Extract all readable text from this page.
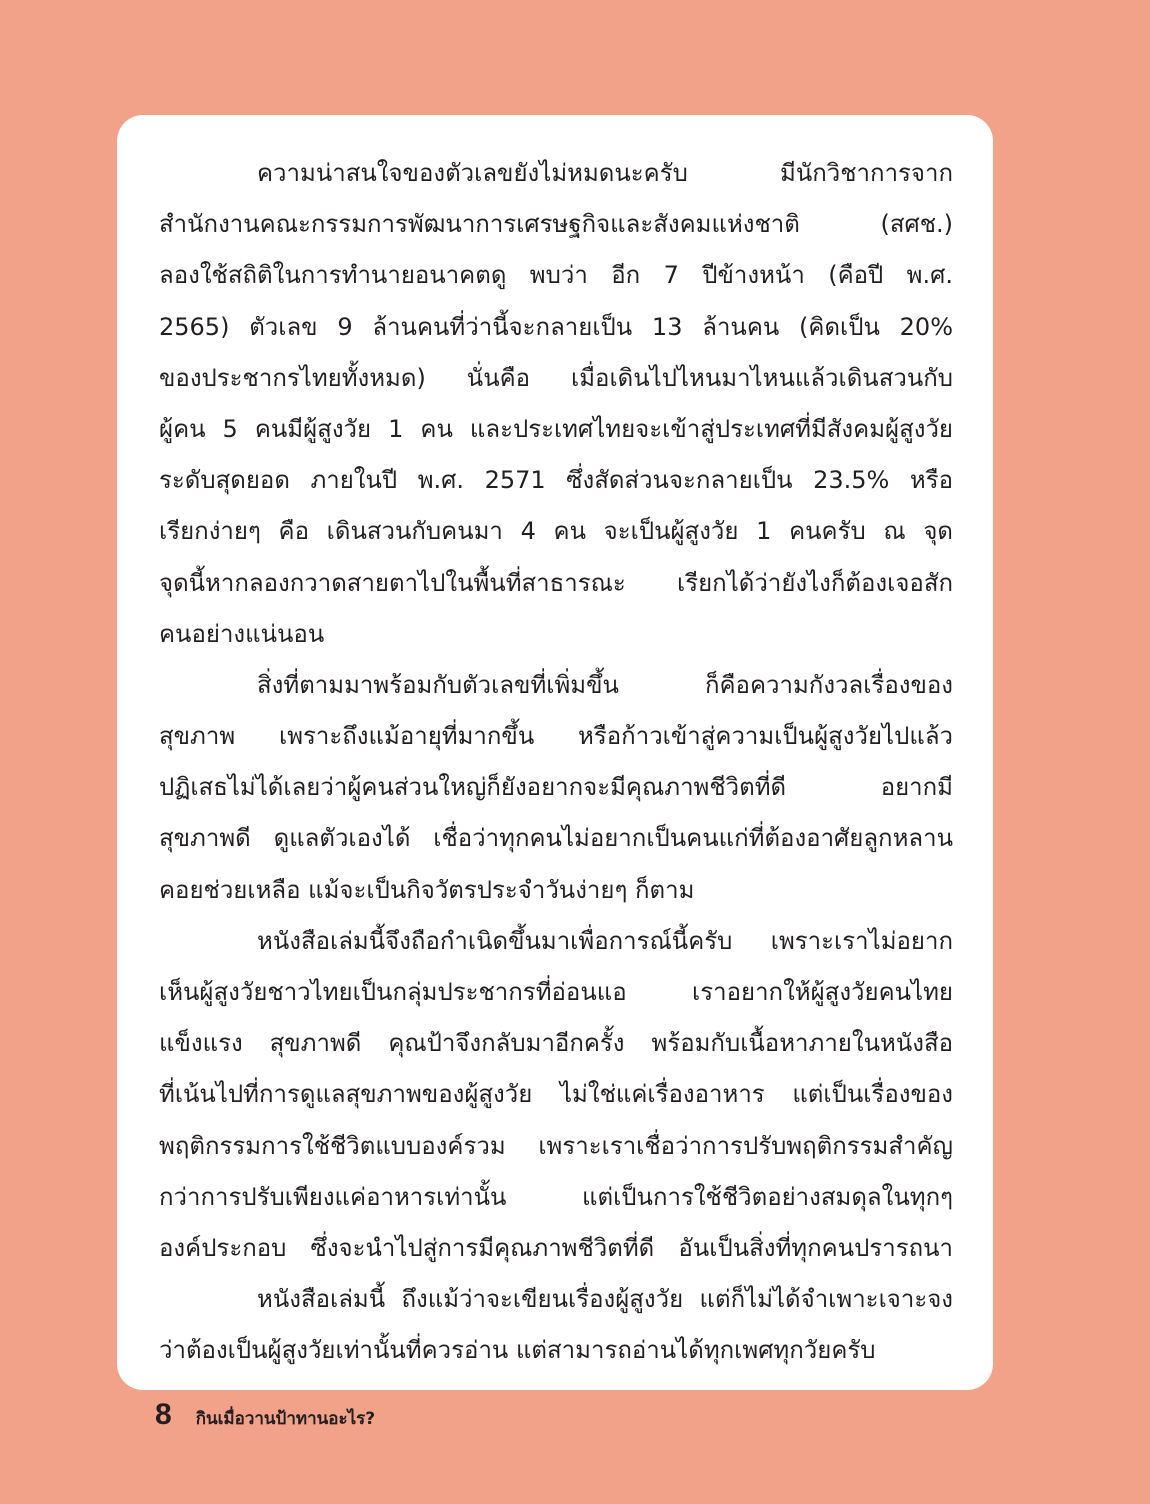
ความน่าสนใจของตัวเลขยังไม่หมดนะครับ มีนักวิชาการจาก
สำนักงานคณะกรรมการพัฒนาการเศรษฐกิจและสังคมแห่งชาติ (สศช.)
ลองใช้สถิติในการทำนายอนาคตดู พบว่า อีก 7 ปีข้างหน้า (คือปี พ.ศ.
2565) ตัวเลข 9 ล้านคนที่ว่านี้จะกลายเป็น 13 ล้านคน (คิดเป็น 20%
ของประชากรไทยทั้งหมด) นั่นคือ เมื่อเดินไปไหนมาไหนแล้วเดินสวนกับ
ผู้คน 5 คนมีผู้สูงวัย 1 คน และประเทศไทยจะเข้าสู่ประเทศที่มีสังคมผู้สูงวัย
ระดับสุดยอด ภายในปี พ.ศ. 2571 ซึ่งสัดส่วนจะกลายเป็น 23.5% หรือ
เรียกง่ายๆ คือ เดินสวนกับคนมา 4 คน จะเป็นผู้สูงวัย 1 คนครับ ณ จุด
จุดนี้หากลองกวาดสายตาไปในพื้นที่สาธารณะ เรียกได้ว่ายังไงก็ต้องเจอสัก
คนอย่างแน่นอน
สิ่งที่ตามมาพร้อมกับตัวเลขที่เพิ่มขึ้น ก็คือความกังวลเรื่องของ
สุขภาพ เพราะถึงแม้อายุที่มากขึ้น หรือก้าวเข้าสู่ความเป็นผู้สูงวัยไปแล้ว
ปฏิเสธไม่ได้เลยว่าผู้คนส่วนใหญ่ก็ยังอยากจะมีคุณภาพชีวิตที่ดี อยากมี
สุขภาพดี ดูแลตัวเองได้ เชื่อว่าทุกคนไม่อยากเป็นคนแก่ที่ต้องอาศัยลูกหลาน
คอยช่วยเหลือ แม้จะเป็นกิจวัตรประจำวันง่ายๆ ก็ตาม
หนังสือเล่มนี้จึงถือกำเนิดขึ้นมาเพื่อการณ์นี้ครับ เพราะเราไม่อยาก
เห็นผู้สูงวัยชาวไทยเป็นกลุ่มประชากรที่อ่อนแอ เราอยากให้ผู้สูงวัยคนไทย
แข็งแรง สุขภาพดี คุณป้าจึงกลับมาอีกครั้ง พร้อมกับเนื้อหาภายในหนังสือ
ที่เน้นไปที่การดูแลสุขภาพของผู้สูงวัย ไม่ใช่แค่เรื่องอาหาร แต่เป็นเรื่องของ
พฤติกรรมการใช้ชีวิตแบบองค์รวม เพราะเราเชื่อว่าการปรับพฤติกรรมสำคัญ
กว่าการปรับเพียงแค่อาหารเท่านั้น แต่เป็นการใช้ชีวิตอย่างสมดุลในทุกๆ
องค์ประกอบ ซึ่งจะนำไปสู่การมีคุณภาพชีวิตที่ดี อันเป็นสิ่งที่ทุกคนปรารถนา
หนังสือเล่มนี้ ถึงแม้ว่าจะเขียนเรื่องผู้สูงวัย แต่ก็ไม่ได้จำเพาะเจาะจง
ว่าต้องเป็นผู้สูงวัยเท่านั้นที่ควรอ่าน แต่สามารถอ่านได้ทุกเพศทุกวัยครับ
8 กินเมื่อวานป้าทานอะไร?
